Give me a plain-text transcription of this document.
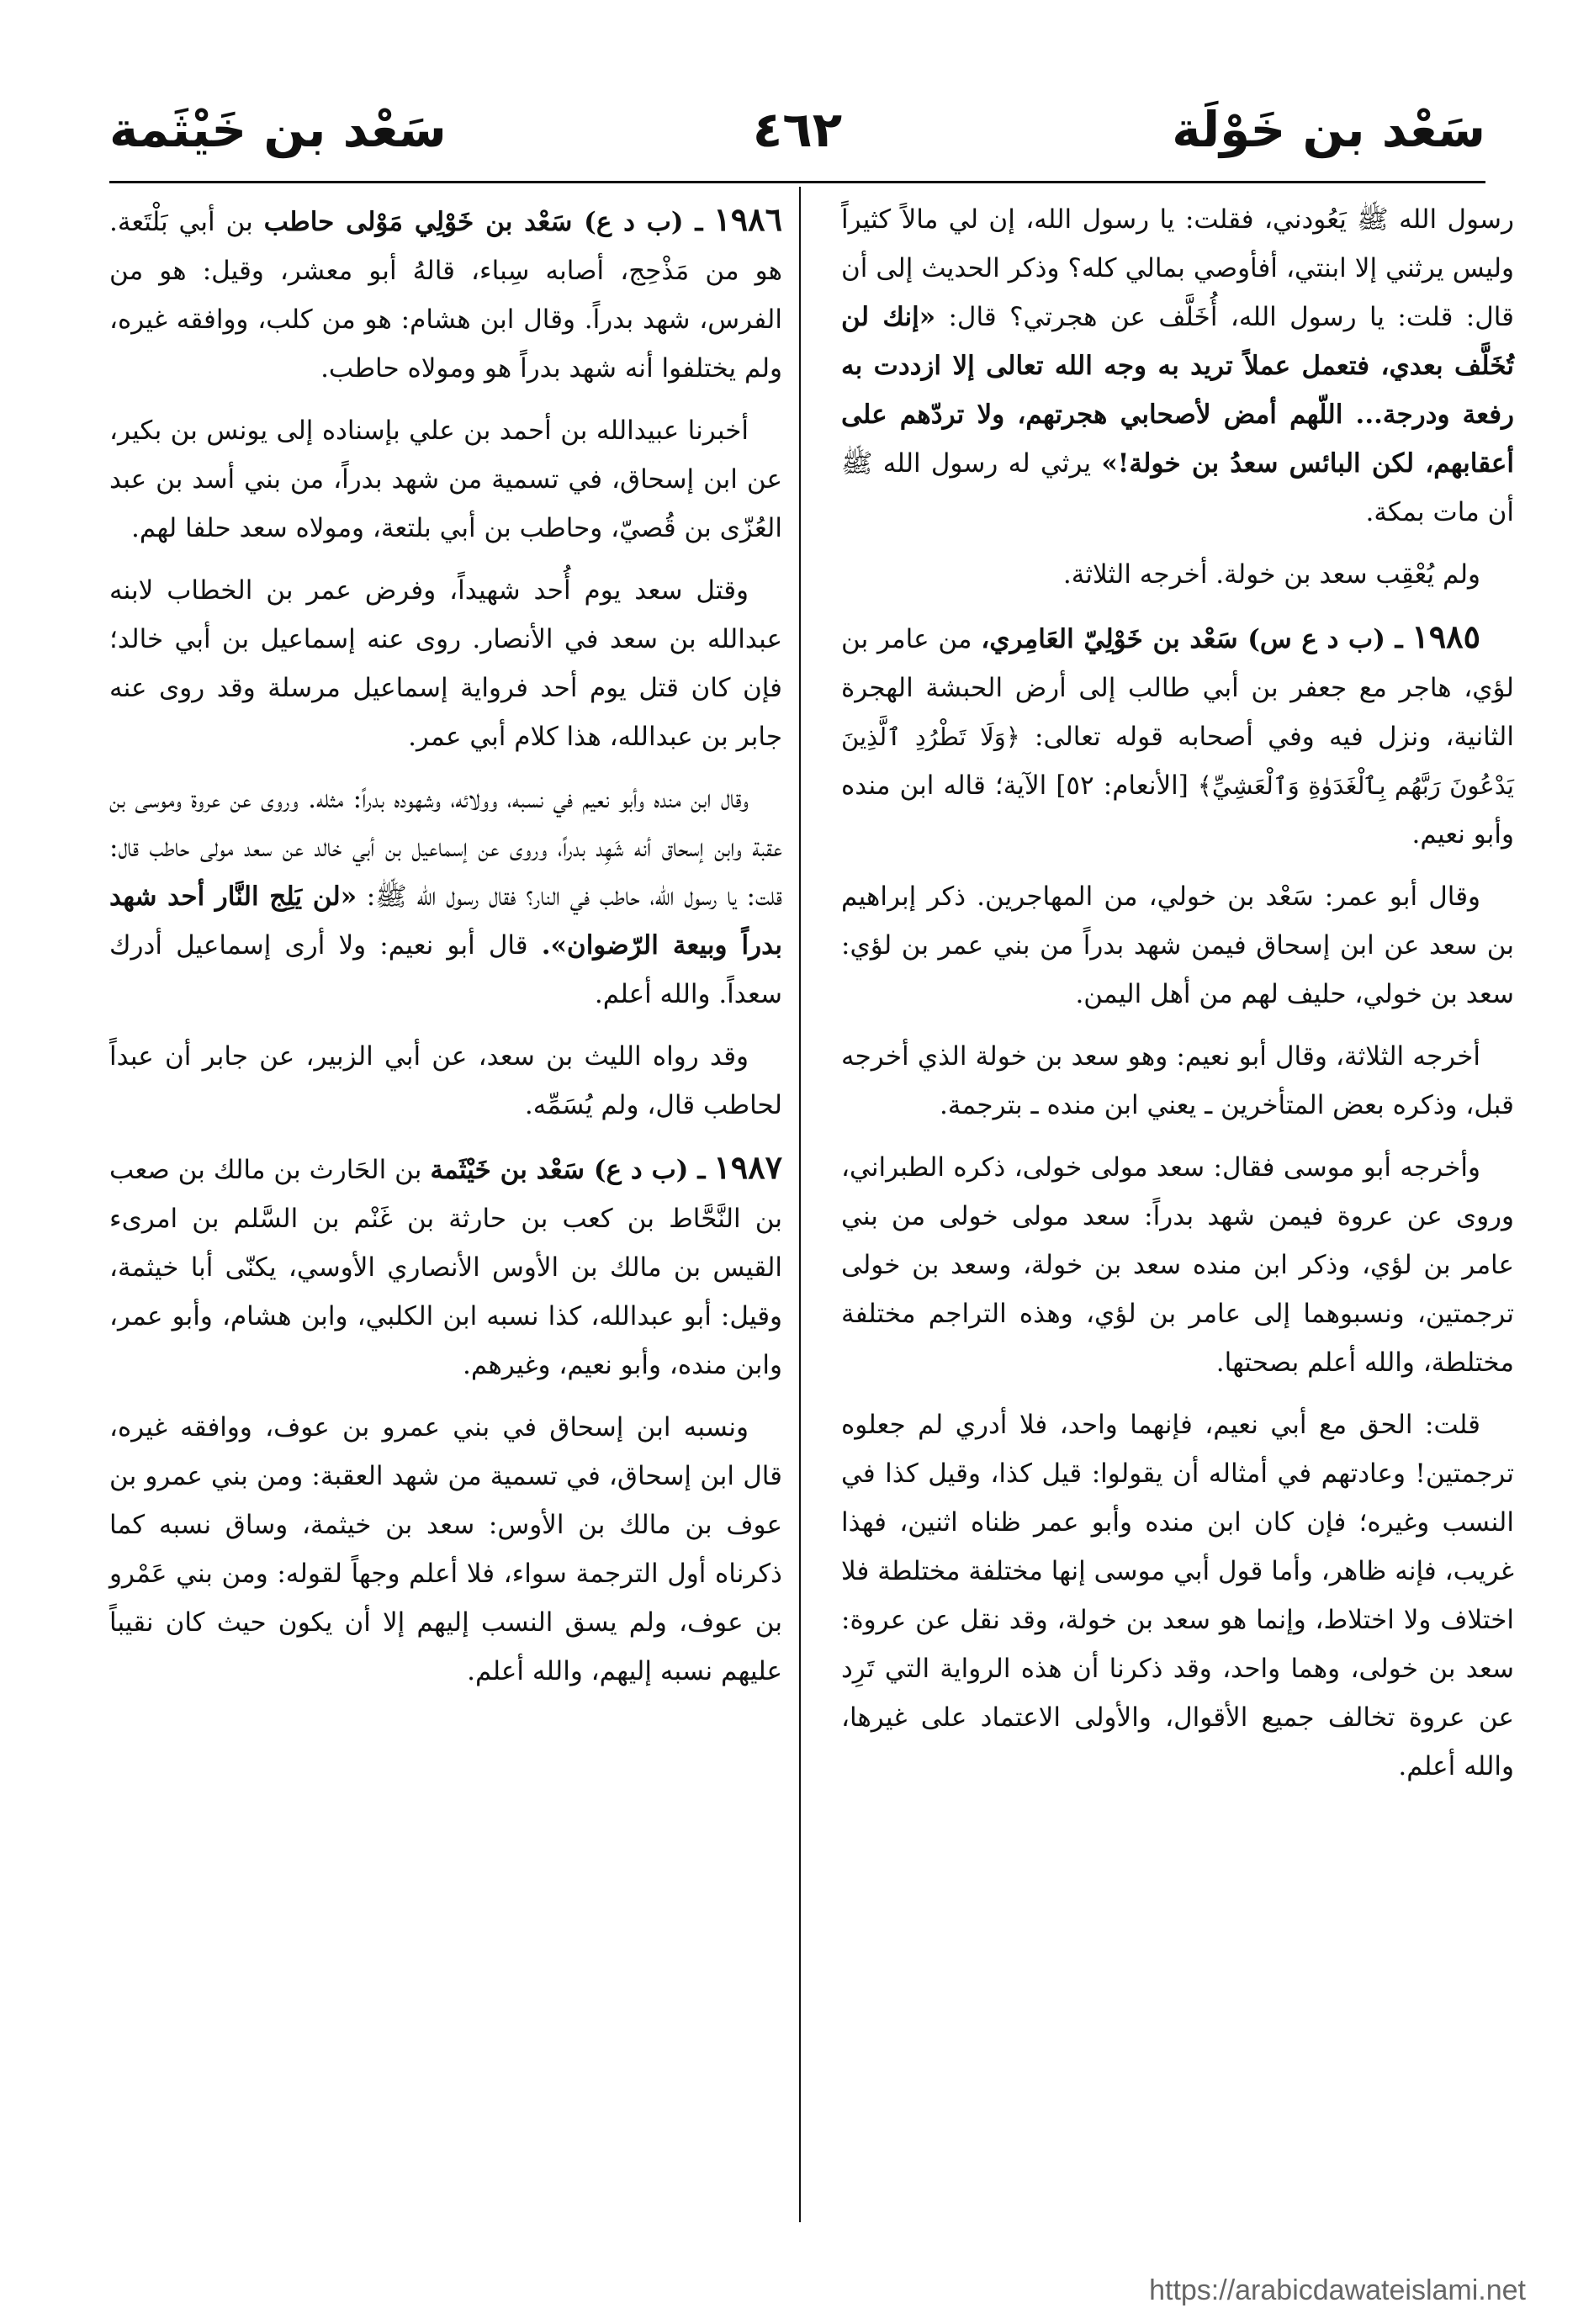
سَعْد بن خَوْلَة
٤٦٢
سَعْد بن خَيْثَمة

رسول الله ﷺ يَعُودني، فقلت: يا رسول الله، إن لي مالاً كثيراً وليس يرثني إلا ابنتي، أفأوصي بمالي كله؟ وذكر الحديث إلى أن قال: قلت: يا رسول الله، أُخَلَّف عن هجرتي؟ قال: «إنك لن تُخَلَّف بعدي، فتعمل عملاً تريد به وجه الله تعالى إلا ازددت به رفعة ودرجة... اللّهم أمض لأصحابي هجرتهم، ولا تردّهم على أعقابهم، لكن البائس سعدُ بن خولة!» يرثي له رسول الله ﷺ أن مات بمكة.

ولم يُعْقِب سعد بن خولة. أخرجه الثلاثة.

١٩٨٥ ـ (ب د ع س) سَعْد بن خَوْلِيّ العَامِري، من عامر بن لؤي، هاجر مع جعفر بن أبي طالب إلى أرض الحبشة الهجرة الثانية، ونزل فيه وفي أصحابه قوله تعالى: ﴿وَلَا تَطْرُدِ ٱلَّذِينَ يَدْعُونَ رَبَّهُم بِٱلْغَدَوٰةِ وَٱلْعَشِيِّ﴾ [الأنعام: ٥٢] الآية؛ قاله ابن منده وأبو نعيم.

وقال أبو عمر: سَعْد بن خولي، من المهاجرين. ذكر إبراهيم بن سعد عن ابن إسحاق فيمن شهد بدراً من بني عمر بن لؤي: سعد بن خولي، حليف لهم من أهل اليمن.

أخرجه الثلاثة، وقال أبو نعيم: وهو سعد بن خولة الذي أخرجه قبل، وذكره بعض المتأخرين ـ يعني ابن منده ـ بترجمة.

وأخرجه أبو موسى فقال: سعد مولى خولى، ذكره الطبراني، وروى عن عروة فيمن شهد بدراً: سعد مولى خولى من بني عامر بن لؤي، وذكر ابن منده سعد بن خولة، وسعد بن خولى ترجمتين، ونسبوهما إلى عامر بن لؤي، وهذه التراجم مختلفة مختلطة، والله أعلم بصحتها.

قلت: الحق مع أبي نعيم، فإنهما واحد، فلا أدري لم جعلوه ترجمتين! وعادتهم في أمثاله أن يقولوا: قيل كذا، وقيل كذا في النسب وغيره؛ فإن كان ابن منده وأبو عمر ظناه اثنين، فهذا غريب، فإنه ظاهر، وأما قول أبي موسى إنها مختلفة مختلطة فلا اختلاف ولا اختلاط، وإنما هو سعد بن خولة، وقد نقل عن عروة: سعد بن خولى، وهما واحد، وقد ذكرنا أن هذه الرواية التي تَرِد عن عروة تخالف جميع الأقوال، والأولى الاعتماد على غيرها، والله أعلم.

١٩٨٦ ـ (ب د ع) سَعْد بن خَوْلِي مَوْلى حاطب بن أبي بَلْتَعة. هو من مَذْحِج، أصابه سِباء، قالهُ أبو معشر، وقيل: هو من الفرس، شهد بدراً. وقال ابن هشام: هو من كلب، ووافقه غيره، ولم يختلفوا أنه شهد بدراً هو ومولاه حاطب.

أخبرنا عبيدالله بن أحمد بن علي بإسناده إلى يونس بن بكير، عن ابن إسحاق، في تسمية من شهد بدراً، من بني أسد بن عبد العُزّى بن قُصيّ، وحاطب بن أبي بلتعة، ومولاه سعد حلفا لهم.

وقتل سعد يوم أُحد شهيداً، وفرض عمر بن الخطاب لابنه عبدالله بن سعد في الأنصار. روى عنه إسماعيل بن أبي خالد؛ فإن كان قتل يوم أحد فرواية إسماعيل مرسلة وقد روى عنه جابر بن عبدالله، هذا كلام أبي عمر.

وقال ابن منده وأبو نعيم في نسبه، وولائه، وشهوده بدراً: مثله. وروى عن عروة وموسى بن عقبة وابن إسحاق أنه شَهِد بدراً، وروى عن إسماعيل بن أبي خالد عن سعد مولى حاطب قال: قلت: يا رسول الله، حاطب في النار؟ فقال رسول الله ﷺ: «لن يَلِج النَّار أحد شهد بدراً وبيعة الرّضوان». قال أبو نعيم: ولا أرى إسماعيل أدرك سعداً. والله أعلم.

وقد رواه الليث بن سعد، عن أبي الزبير، عن جابر أن عبداً لحاطب قال، ولم يُسَمِّه.

١٩٨٧ ـ (ب د ع) سَعْد بن خَيْثَمة بن الحَارث بن مالك بن صعب بن النَّحَّاط بن كعب بن حارثة بن غَنْم بن السَّلم بن امرىء القيس بن مالك بن الأوس الأنصاري الأوسي، يكنّى أبا خيثمة، وقيل: أبو عبدالله، كذا نسبه ابن الكلبي، وابن هشام، وأبو عمر، وابن منده، وأبو نعيم، وغيرهم.

ونسبه ابن إسحاق في بني عمرو بن عوف، ووافقه غيره، قال ابن إسحاق، في تسمية من شهد العقبة: ومن بني عمرو بن عوف بن مالك بن الأوس: سعد بن خيثمة، وساق نسبه كما ذكرناه أول الترجمة سواء، فلا أعلم وجهاً لقوله: ومن بني عَمْرو بن عوف، ولم يسق النسب إليهم إلا أن يكون حيث كان نقيباً عليهم نسبه إليهم، والله أعلم.

https://arabicdawateislami.net
